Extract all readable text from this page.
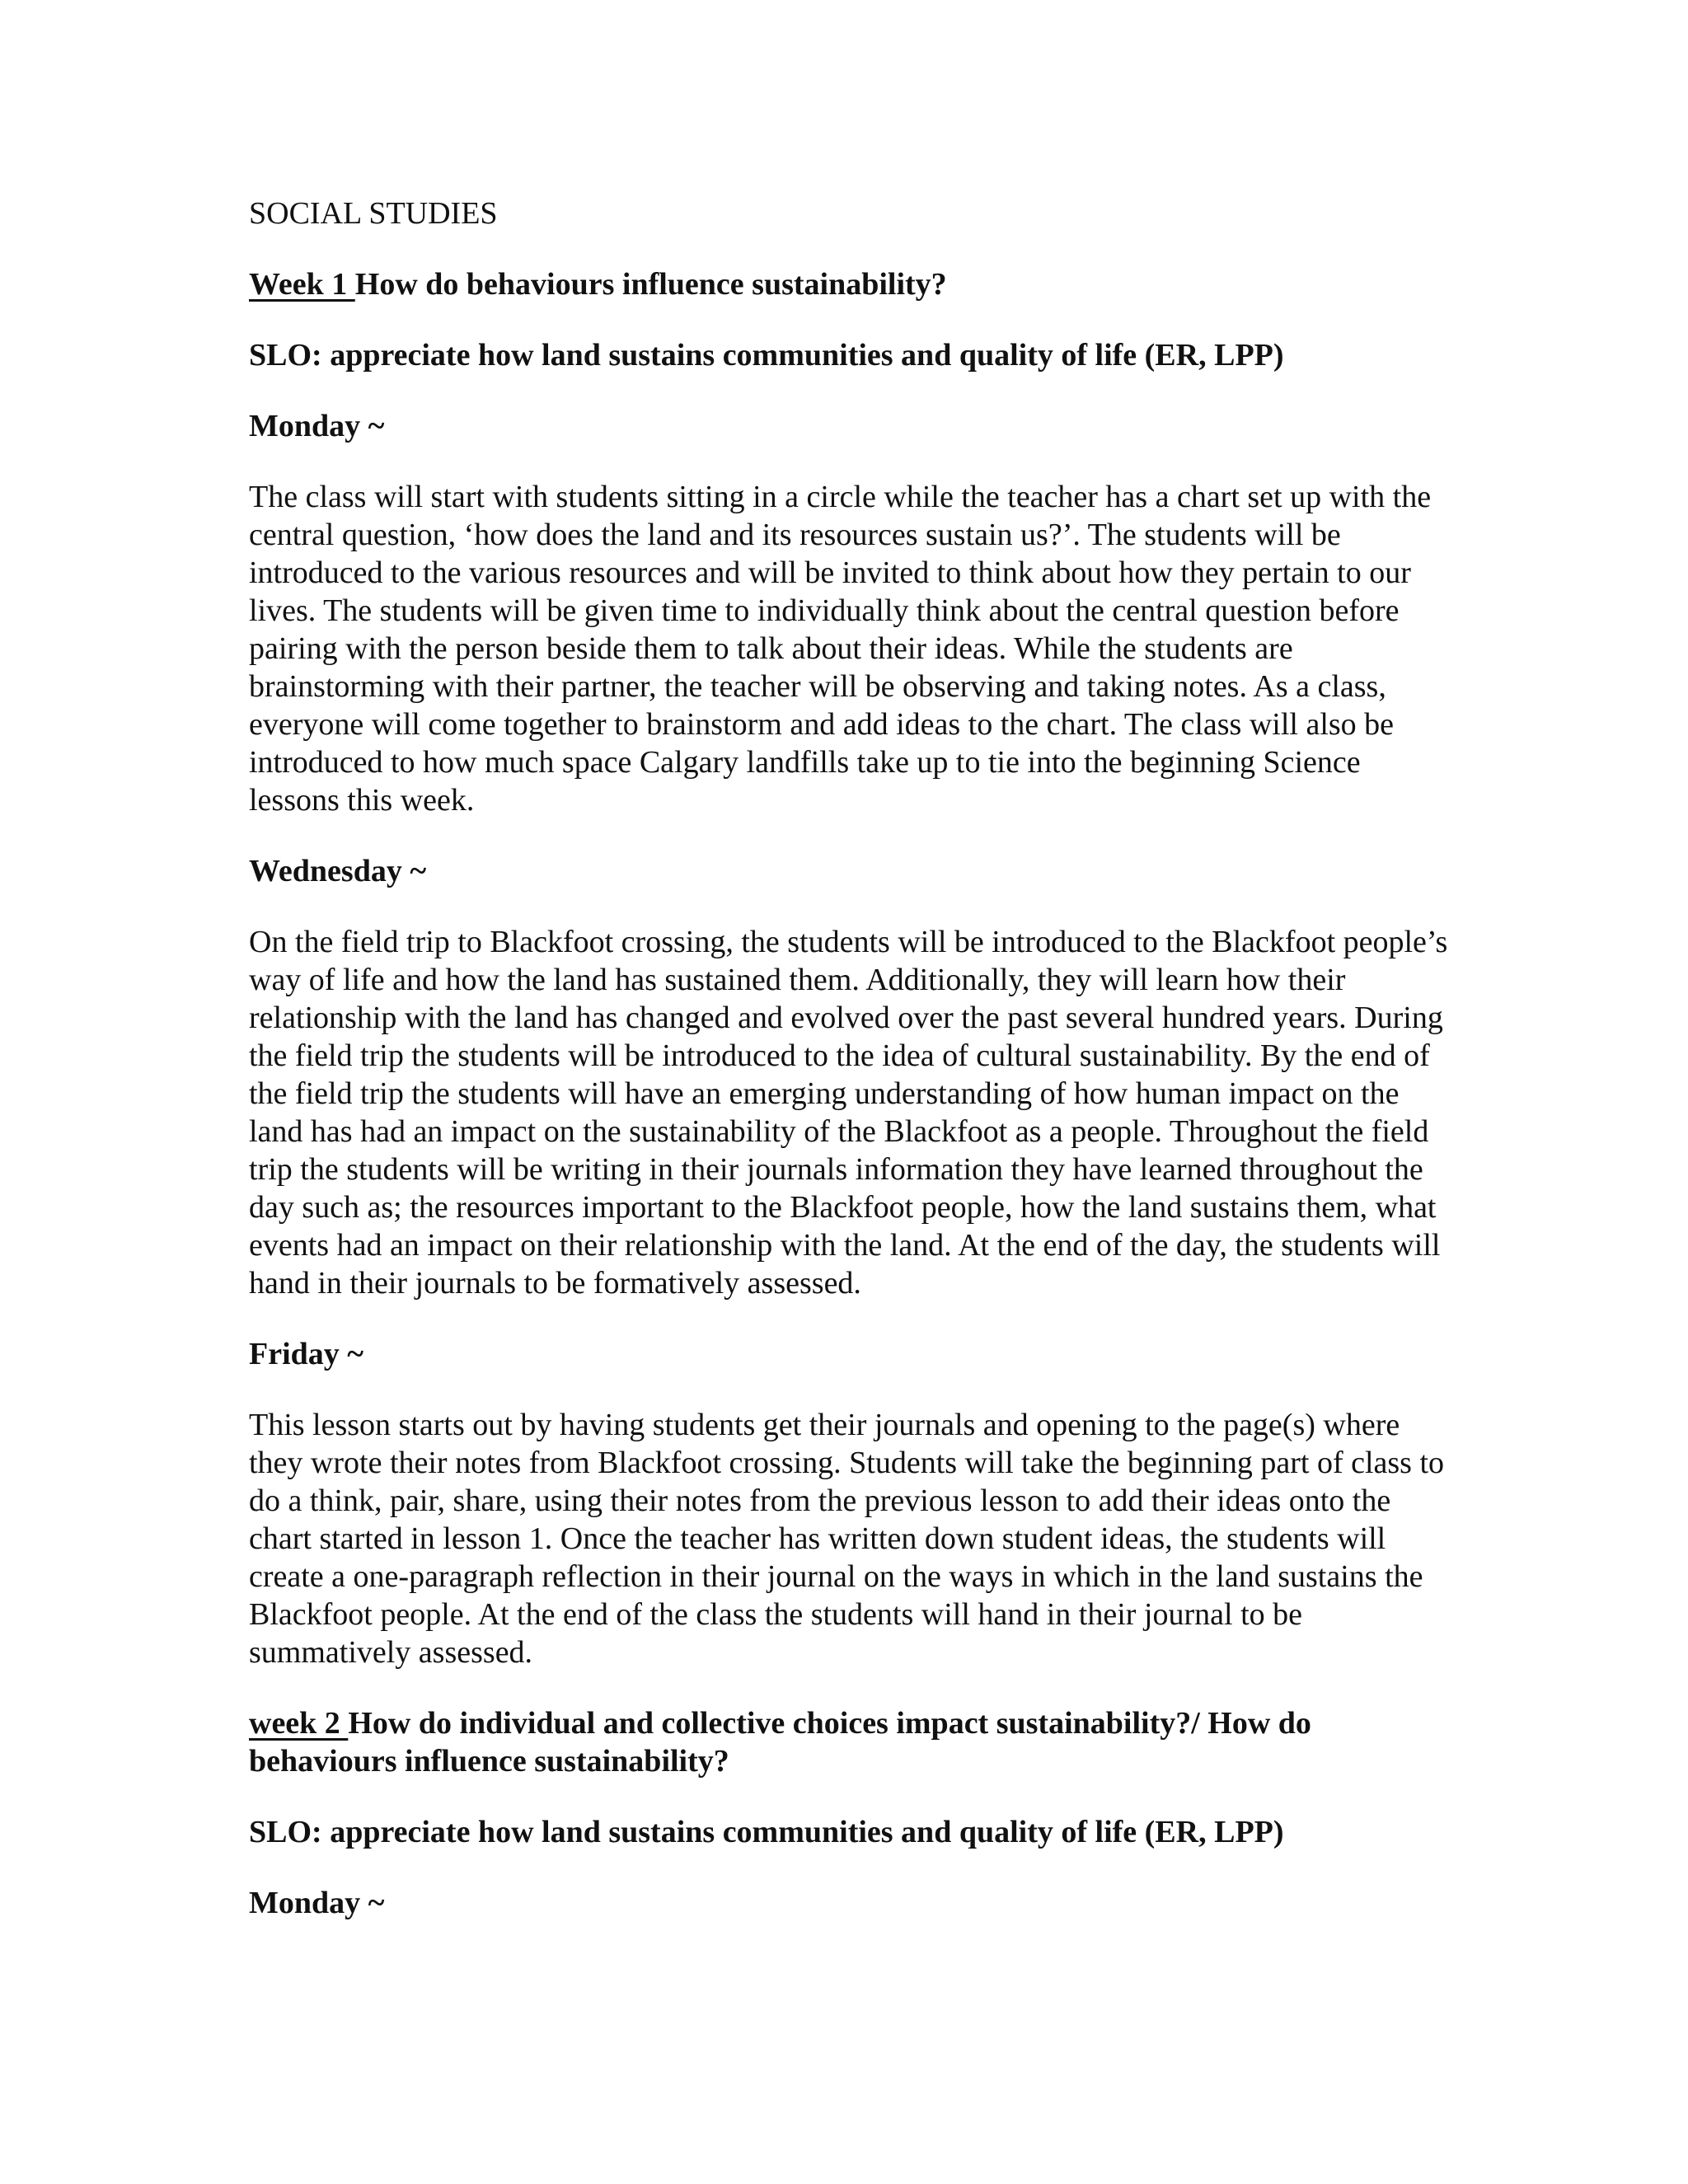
SOCIAL STUDIES

Week 1 How do behaviours influence sustainability?

SLO: appreciate how land sustains communities and quality of life (ER, LPP)

Monday ~

The class will start with students sitting in a circle while the teacher has a chart set up with the central question, ‘how does the land and its resources sustain us?’. The students will be introduced to the various resources and will be invited to think about how they pertain to our lives. The students will be given time to individually think about the central question before pairing with the person beside them to talk about their ideas. While the students are brainstorming with their partner, the teacher will be observing and taking notes. As a class, everyone will come together to brainstorm and add ideas to the chart. The class will also be introduced to how much space Calgary landfills take up to tie into the beginning Science lessons this week.

Wednesday ~

On the field trip to Blackfoot crossing, the students will be introduced to the Blackfoot people’s way of life and how the land has sustained them. Additionally, they will learn how their relationship with the land has changed and evolved over the past several hundred years. During the field trip the students will be introduced to the idea of cultural sustainability. By the end of the field trip the students will have an emerging understanding of how human impact on the land has had an impact on the sustainability of the Blackfoot as a people. Throughout the field trip the students will be writing in their journals information they have learned throughout the day such as; the resources important to the Blackfoot people, how the land sustains them, what events had an impact on their relationship with the land. At the end of the day, the students will hand in their journals to be formatively assessed.

Friday ~

This lesson starts out by having students get their journals and opening to the page(s) where they wrote their notes from Blackfoot crossing. Students will take the beginning part of class to do a think, pair, share, using their notes from the previous lesson to add their ideas onto the chart started in lesson 1. Once the teacher has written down student ideas, the students will create a one-paragraph reflection in their journal on the ways in which in the land sustains the Blackfoot people. At the end of the class the students will hand in their journal to be summatively assessed.

week 2 How do individual and collective choices impact sustainability?/ How do behaviours influence sustainability?

SLO: appreciate how land sustains communities and quality of life (ER, LPP)

Monday ~
